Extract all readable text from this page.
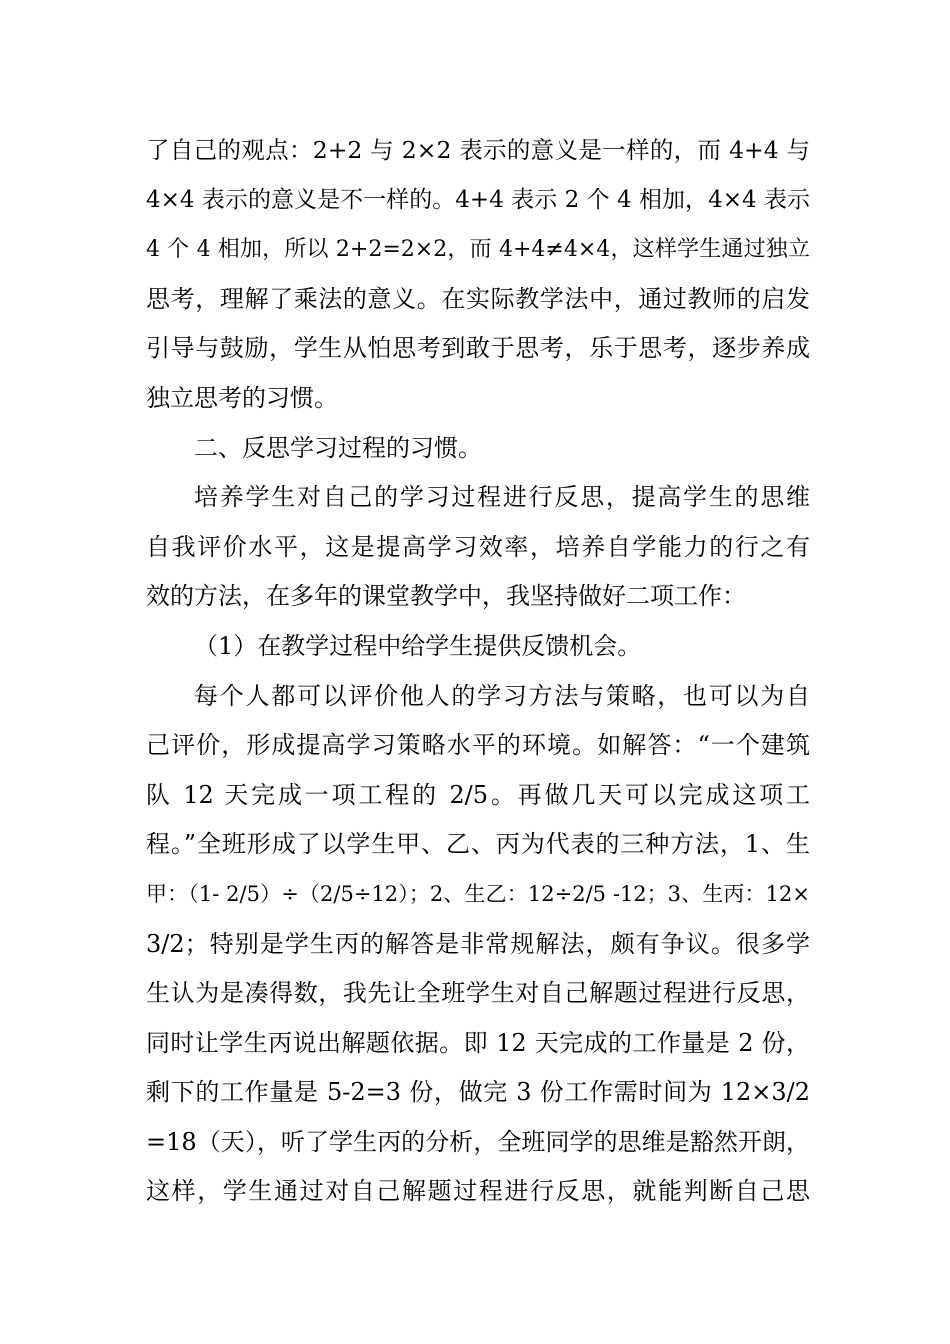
了自己的观点：2+2 与 2×2 表示的意义是一样的，而 4+4 与
4×4 表示的意义是不一样的。4+4 表示 2 个 4 相加，4×4 表示
4 个 4 相加，所以 2+2=2×2，而 4+4≠4×4，这样学生通过独立
思考，理解了乘法的意义。在实际教学法中，通过教师的启发
引导与鼓励，学生从怕思考到敢于思考，乐于思考，逐步养成
独立思考的习惯。
二、反思学习过程的习惯。
培养学生对自己的学习过程进行反思，提高学生的思维
自我评价水平，这是提高学习效率，培养自学能力的行之有
效的方法，在多年的课堂教学中，我坚持做好二项工作：
（1）在教学过程中给学生提供反馈机会。
每个人都可以评价他人的学习方法与策略，也可以为自
己评价，形成提高学习策略水平的环境。如解答：“一个建筑
队 12 天完成一项工程的 2/5。再做几天可以完成这项工
程。”全班形成了以学生甲、乙、丙为代表的三种方法，1、生
甲：（1- 2/5）÷（2/5÷12）；2、生乙：12÷2/5 -12；3、生丙：12×
3/2；特别是学生丙的解答是非常规解法，颇有争议。很多学
生认为是凑得数，我先让全班学生对自己解题过程进行反思，
同时让学生丙说出解题依据。即 12 天完成的工作量是 2 份，
剩下的工作量是 5-2=3 份，做完 3 份工作需时间为 12×3/2
=18（天），听了学生丙的分析，全班同学的思维是豁然开朗，
这样，学生通过对自己解题过程进行反思，就能判断自己思
